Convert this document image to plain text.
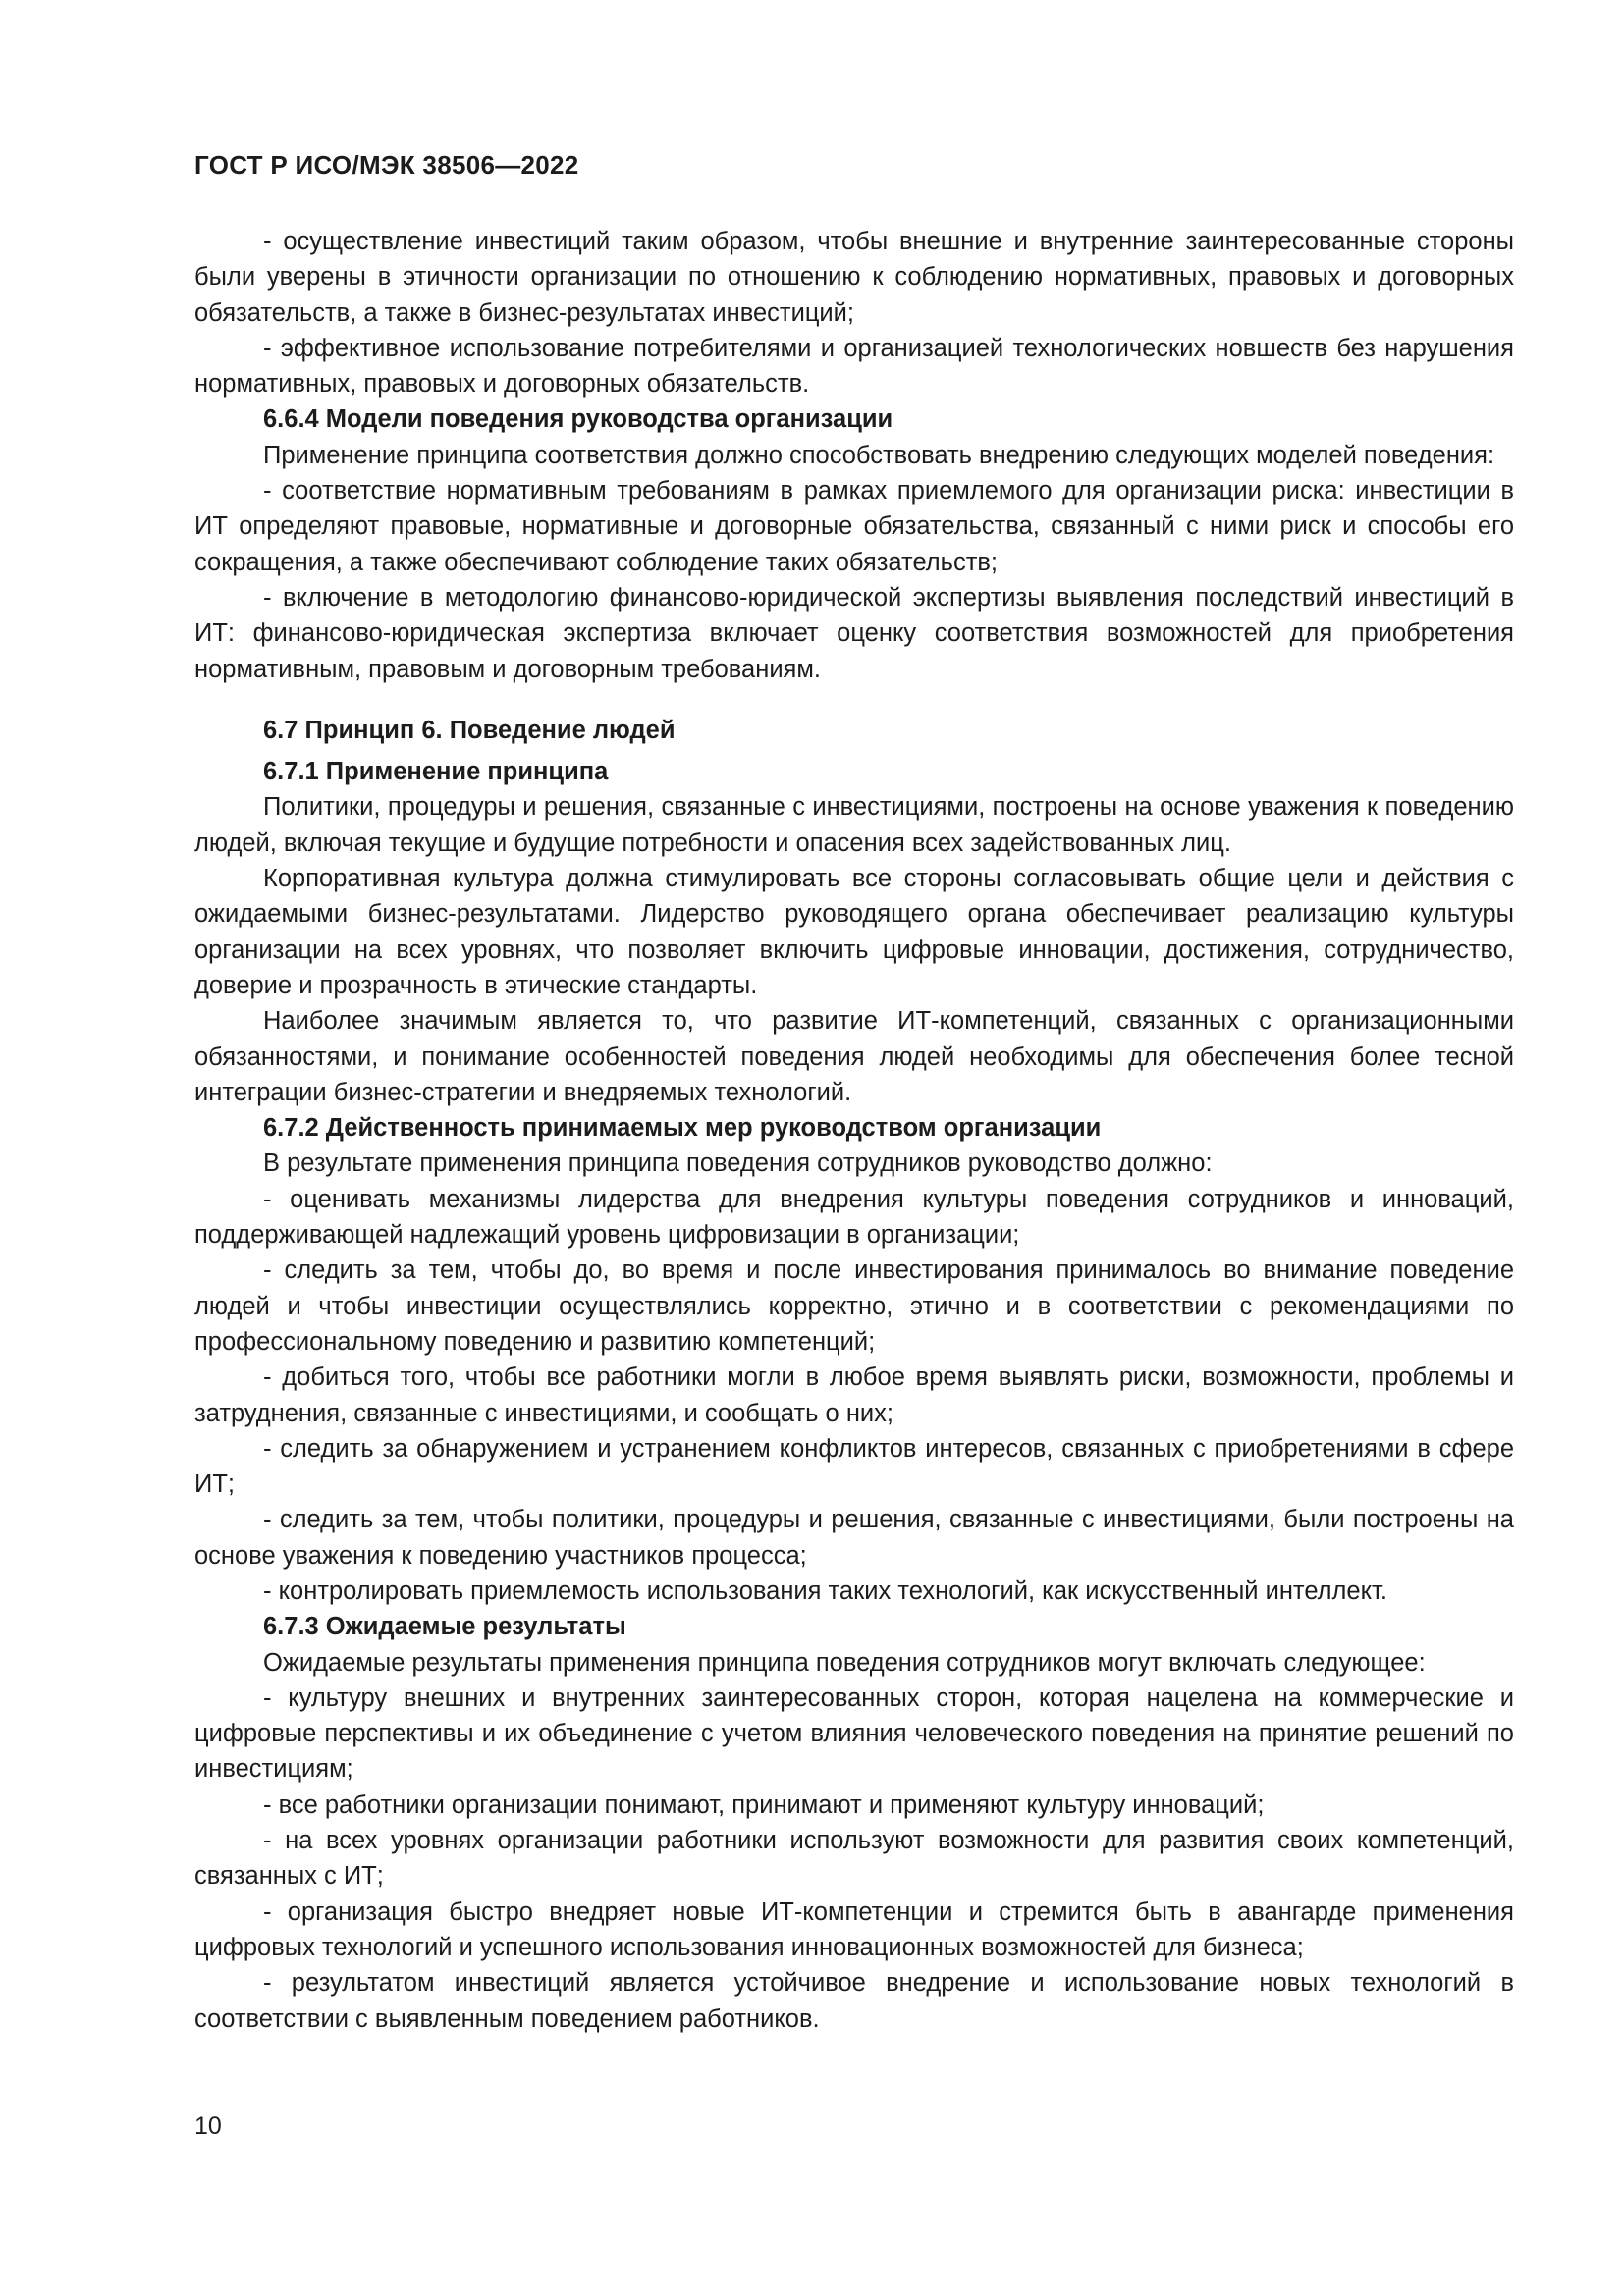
ГОСТ Р ИСО/МЭК 38506—2022

- осуществление инвестиций таким образом, чтобы внешние и внутренние заинтересованные стороны были уверены в этичности организации по отношению к соблюдению нормативных, правовых и договорных обязательств, а также в бизнес-результатах инвестиций;

- эффективное использование потребителями и организацией технологических новшеств без нарушения нормативных, правовых и договорных обязательств.

6.6.4 Модели поведения руководства организации

Применение принципа соответствия должно способствовать внедрению следующих моделей поведения:

- соответствие нормативным требованиям в рамках приемлемого для организации риска: инвестиции в ИТ определяют правовые, нормативные и договорные обязательства, связанный с ними риск и способы его сокращения, а также обеспечивают соблюдение таких обязательств;

- включение в методологию финансово-юридической экспертизы выявления последствий инвестиций в ИТ: финансово-юридическая экспертиза включает оценку соответствия возможностей для приобретения нормативным, правовым и договорным требованиям.

6.7 Принцип 6. Поведение людей

6.7.1 Применение принципа

Политики, процедуры и решения, связанные с инвестициями, построены на основе уважения к поведению людей, включая текущие и будущие потребности и опасения всех задействованных лиц.

Корпоративная культура должна стимулировать все стороны согласовывать общие цели и действия с ожидаемыми бизнес-результатами. Лидерство руководящего органа обеспечивает реализацию культуры организации на всех уровнях, что позволяет включить цифровые инновации, достижения, сотрудничество, доверие и прозрачность в этические стандарты.

Наиболее значимым является то, что развитие ИТ-компетенций, связанных с организационными обязанностями, и понимание особенностей поведения людей необходимы для обеспечения более тесной интеграции бизнес-стратегии и внедряемых технологий.

6.7.2 Действенность принимаемых мер руководством организации

В результате применения принципа поведения сотрудников руководство должно:

- оценивать механизмы лидерства для внедрения культуры поведения сотрудников и инноваций, поддерживающей надлежащий уровень цифровизации в организации;

- следить за тем, чтобы до, во время и после инвестирования принималось во внимание поведение людей и чтобы инвестиции осуществлялись корректно, этично и в соответствии с рекомендациями по профессиональному поведению и развитию компетенций;

- добиться того, чтобы все работники могли в любое время выявлять риски, возможности, проблемы и затруднения, связанные с инвестициями, и сообщать о них;

- следить за обнаружением и устранением конфликтов интересов, связанных с приобретениями в сфере ИТ;

- следить за тем, чтобы политики, процедуры и решения, связанные с инвестициями, были построены на основе уважения к поведению участников процесса;

- контролировать приемлемость использования таких технологий, как искусственный интеллект.

6.7.3 Ожидаемые результаты

Ожидаемые результаты применения принципа поведения сотрудников могут включать следующее:

- культуру внешних и внутренних заинтересованных сторон, которая нацелена на коммерческие и цифровые перспективы и их объединение с учетом влияния человеческого поведения на принятие решений по инвестициям;

- все работники организации понимают, принимают и применяют культуру инноваций;

- на всех уровнях организации работники используют возможности для развития своих компетенций, связанных с ИТ;

- организация быстро внедряет новые ИТ-компетенции и стремится быть в авангарде применения цифровых технологий и успешного использования инновационных возможностей для бизнеса;

- результатом инвестиций является устойчивое внедрение и использование новых технологий в соответствии с выявленным поведением работников.

10
